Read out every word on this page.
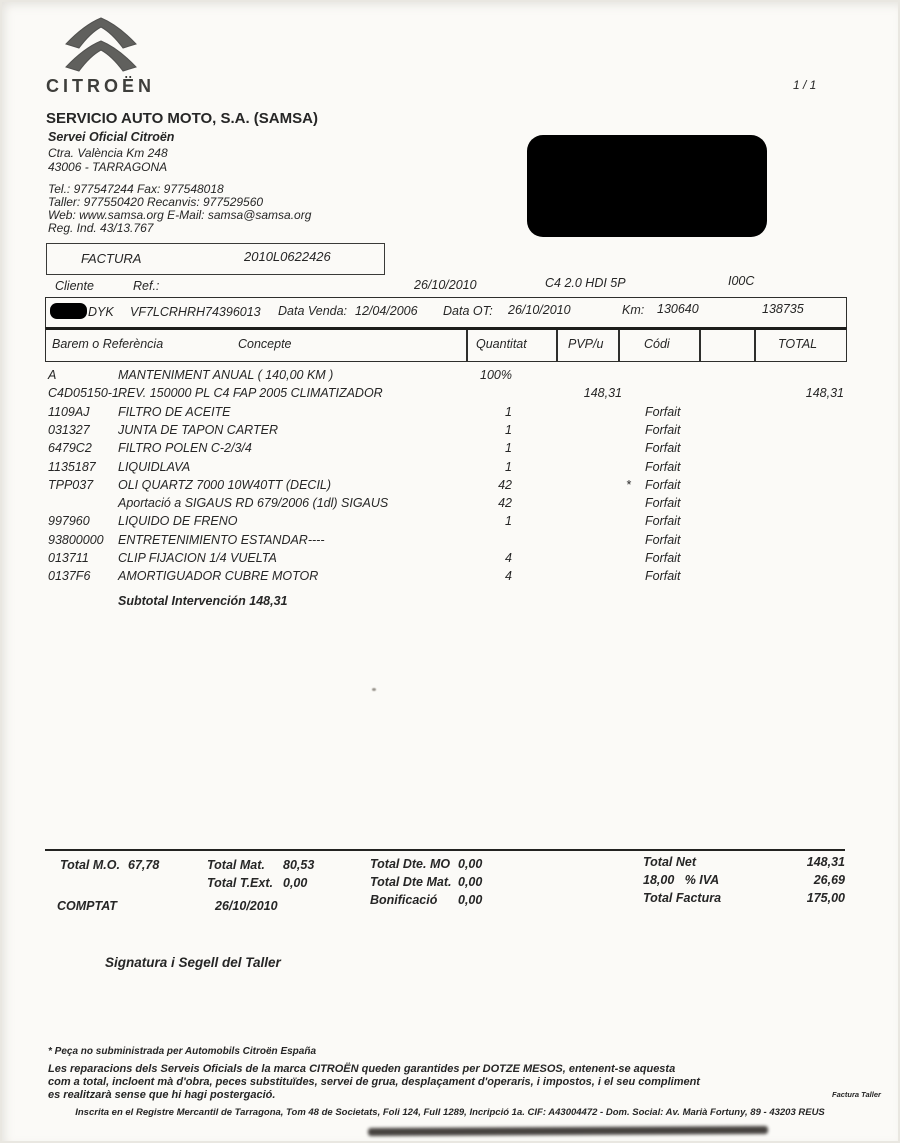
CITROËN	1 / 1
SERVICIO AUTO MOTO, S.A. (SAMSA)
Servei Oficial Citroën
Ctra. València Km 248
43006 - TARRAGONA
Tel.: 977547244 Fax: 977548018
Taller: 977550420 Recanvis: 977529560
Web: www.samsa.org E-Mail: samsa@samsa.org
Reg. Ind. 43/13.767
FACTURA	2010L0622426
Cliente	Ref.:	26/10/2010	C4 2.0 HDI 5P	I00C
DYK VF7LCRHRH74396013 Data Venda: 12/04/2006 Data OT: 26/10/2010	Km: 130640	138735
Barem o Referència	Concepte	Quantitat	PVP/u	Códi	TOTAL
A	MANTENIMENT ANUAL ( 140,00 KM )	100%
C4D05150-1 REV. 150000 PL C4 FAP 2005 CLIMATIZADOR	148,31	148,31
1109AJ	FILTRO DE ACEITE	1	Forfait
031327	JUNTA DE TAPON CARTER	1	Forfait
6479C2	FILTRO POLEN C-2/3/4	1	Forfait
1135187	LIQUIDLAVA	1	Forfait
TPP037	OLI QUARTZ 7000 10W40TT (DECIL)	42	*	Forfait
Aportació a SIGAUS RD 679/2006 (1dl) SIGAUS	42	Forfait
997960	LIQUIDO DE FRENO	1	Forfait
93800000	ENTRETENIMIENTO ESTANDAR----	Forfait
013711	CLIP FIJACION 1/4 VUELTA	4	Forfait
0137F6	AMORTIGUADOR CUBRE MOTOR	4	Forfait
Subtotal Intervención 148,31
Total M.O. 67,78	Total Mat. 80,53	Total Dte. MO 0,00	Total Net	148,31
Total T.Ext. 0,00	Total Dte Mat. 0,00	18,00   % IVA	26,69
Bonificació 0,00	Total Factura	175,00
COMPTAT	26/10/2010
Signatura i Segell del Taller
* Peça no subministrada per Automobils Citroën España
Les reparacions dels Serveis Oficials de la marca CITROËN queden garantides per DOTZE MESOS, entenent-se aquesta
com a total, incloent mà d'obra, peces substituïdes, servei de grua, desplaçament d'operaris, i impostos, i el seu compliment
es realitzarà sense que hi hagi postergació.	Factura Taller
Inscrita en el Registre Mercantil de Tarragona, Tom 48 de Societats, Foli 124, Full 1289, Incripció 1a. CIF: A43004472 - Dom. Social: Av. Marià Fortuny, 89 - 43203 REUS
